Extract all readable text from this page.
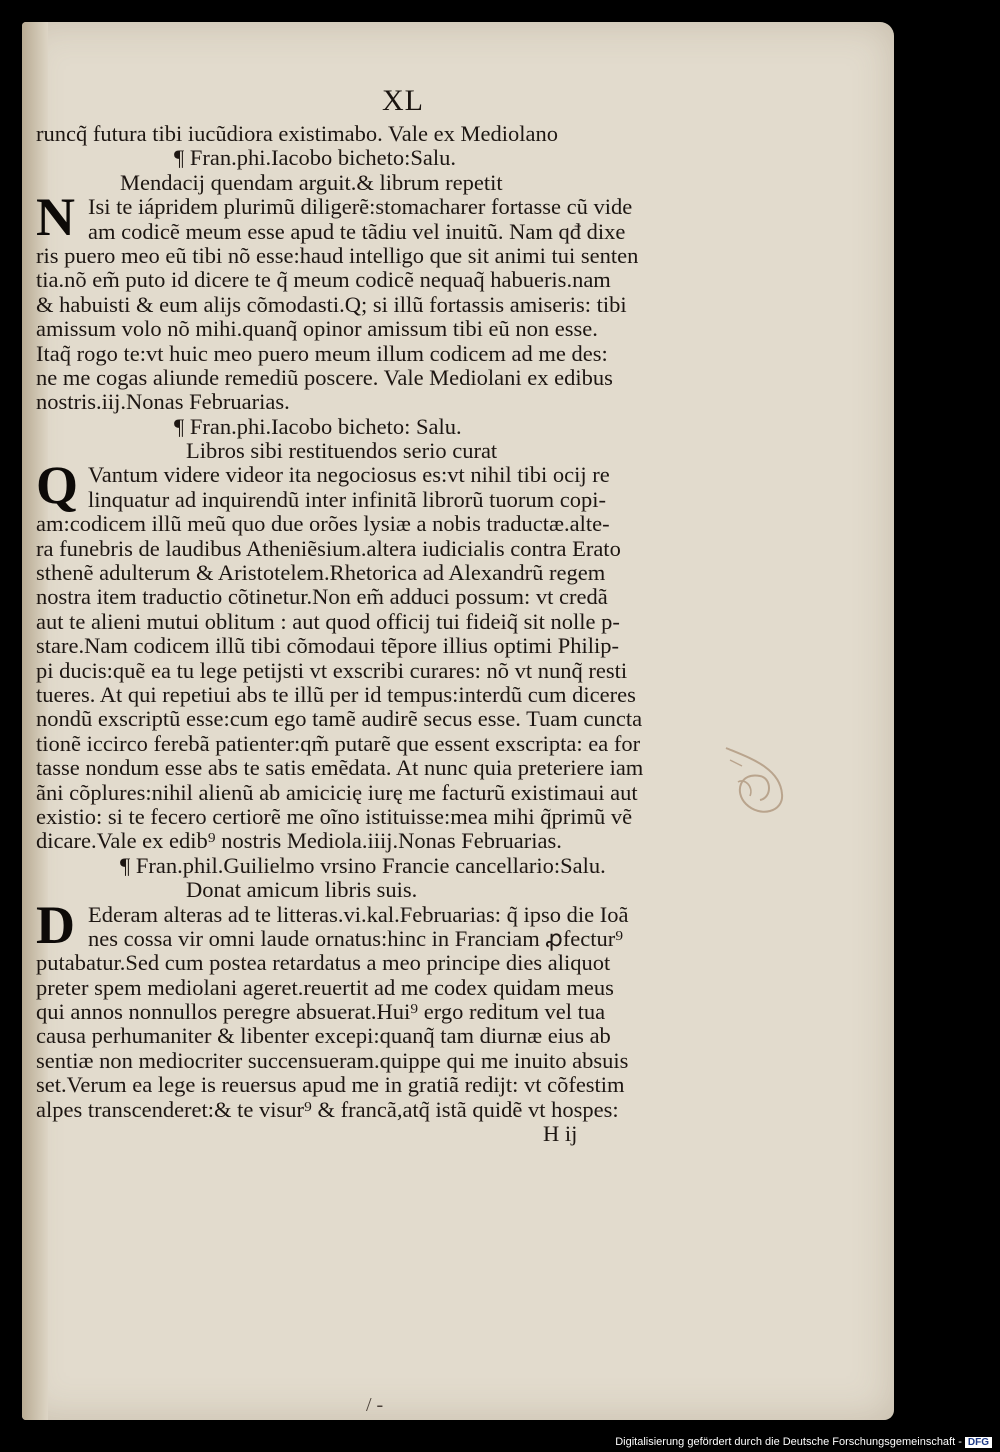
XL
runcq̃ futura tibi iucũdiora existimabo. Vale ex Mediolano
¶ Fran.phi.Iacobo bicheto:Salu.
Mendacij quendam arguit.& librum repetit
N Isi te iápridem plurimũ diligerẽ:stomacharer fortasse cũ vide
am codicẽ meum esse apud te tãdiu vel inuitũ. Nam qđ dixe
ris puero meo eũ tibi nõ esse:haud intelligo que sit animi tui senten
tia.nõ em̃ puto id dicere te q̃ meum codicẽ nequaq̃ habueris.nam
& habuisti & eum alijs cõmodasti.Q; si illũ fortassis amiseris: tibi
amissum volo nõ mihi.quanq̃ opinor amissum tibi eũ non esse.
Itaq̃ rogo te:vt huic meo puero meum illum codicem ad me des:
ne me cogas aliunde remediũ poscere. Vale Mediolani ex edibus
nostris.iij.Nonas Februarias.
¶ Fran.phi.Iacobo bicheto: Salu.
Libros sibi restituendos serio curat
Q Vantum videre videor ita negociosus es:vt nihil tibi ocij re
linquatur ad inquirendũ inter infinitã librorũ tuorum copi-
am:codicem illũ meũ quo due orões lysiæ a nobis traductæ.alte-
ra funebris de laudibus Atheniẽsium.altera iudicialis contra Erato
sthenẽ adulterum & Aristotelem.Rhetorica ad Alexandrũ regem
nostra item traductio cõtinetur.Non em̃ adduci possum: vt credã
aut te alieni mutui oblitum : aut quod officij tui fideiq̃ sit nolle p-
stare.Nam codicem illũ tibi cõmodaui tẽpore illius optimi Philip-
pi ducis:quẽ ea tu lege petijsti vt exscribi curares: nõ vt nunq̃ resti
tueres. At qui repetiui abs te illũ per id tempus:interdũ cum diceres
nondũ exscriptũ esse:cum ego tamẽ audirẽ secus esse. Tuam cuncta
tionẽ iccirco ferebã patienter:qm̃ putarẽ que essent exscripta: ea for
tasse nondum esse abs te satis emẽdata. At nunc quia preteriere iam
ãni cõplures:nihil alienũ ab amicicię iurę me facturũ existimaui aut
existio: si te fecero certiorẽ me oĩno istituisse:mea mihi q̃primũ vẽ
dicare.Vale ex edib⁹ nostris Mediola.iiij.Nonas Februarias.
¶ Fran.phil.Guilielmo vrsino Francie cancellario:Salu.
Donat amicum libris suis.
D Ederam alteras ad te litteras.vi.kal.Februarias: q̃ ipso die Ioã
nes cossa vir omni laude ornatus:hinc in Franciam ꝓfectur⁹
putabatur.Sed cum postea retardatus a meo principe dies aliquot
preter spem mediolani ageret.reuertit ad me codex quidam meus
qui annos nonnullos peregre absuerat.Hui⁹ ergo reditum vel tua
causa perhumaniter & libenter excepi:quanq̃ tam diurnæ eius ab
sentiæ non mediocriter succensueram.quippe qui me inuito absuis
set.Verum ea lege is reuersus apud me in gratiã redijt: vt cõfestim
alpes transcenderet:& te visur⁹ & francã,atq̃ istã quidẽ vt hospes:
H ij
/ -
Digitalisierung gefördert durch die Deutsche Forschungsgemeinschaft - DFG
